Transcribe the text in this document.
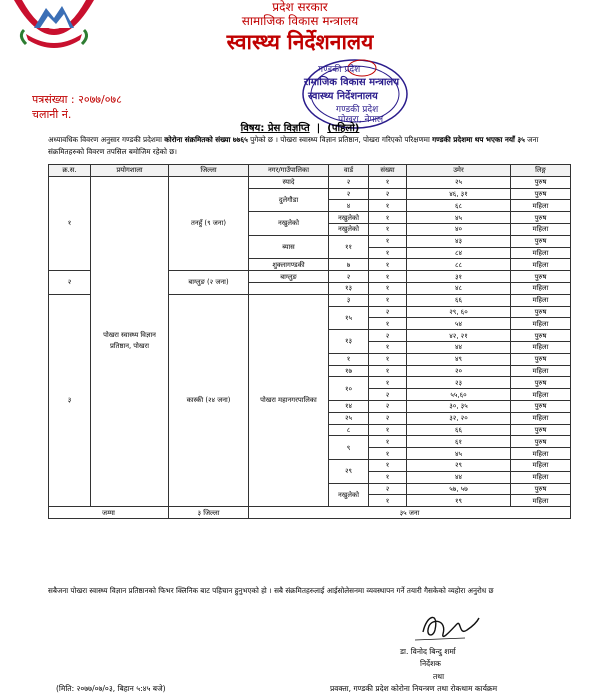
प्रदेश सरकार
सामाजिक विकास मन्त्रालय
स्वास्थ्य निर्देशनालय
गण्डकी प्रदेश
रामाजिक विकास मन्त्रालय
स्वास्थ्य निर्देशनालय
गण्डकी प्रदेश
पोखरा, नेपाल
पत्रसंख्या : २०७७/०७८
चलानी नं.
विषय: प्रेस विज्ञप्ति  |  (पहिलो)
अध्यावधिक विवरण अनुसार गण्डकी प्रदेशमा कोरोना संक्रमितको संख्या ७७६५ पुगेको छ । पोखरा स्वास्थ्य विज्ञान प्रतिष्ठान, पोखरा गरिएको परिक्षणमा गण्डकी प्रदेशमा थप भएका नयाँ ३५ जना संक्रमितहरुको विवरण तपसिल बमोजिम रहेको छ।
क्र.स.	प्रयोगशाला	जिल्ला	नगर/गाउँपालिका	वार्ड	संख्या	उमेर	लिङ्ग
१	पोखरा स्वास्थ्य विज्ञान प्रतिष्ठान, पोखरा	तनहुँ (९ जना)	स्यादे	२	१	२५	पुरुष
			दुलेगौडा	२	२	४६, ३१	पुरुष
				४	१	६८	महिला
			नखुलेको	नखुलेको	१	४५	पुरुष
				नखुलेको	१	४०	महिला
			ब्यास	११	१	४३	पुरुष
					१	८४	महिला
			शुक्लागण्डकी	७	१	८८	महिला
२		बाग्लुङ (२ जना)	बाग्लुङ	२	१	३१	पुरुष
				१३	१	४८	महिला
३		कास्की (२४ जना)	पोखरा महानगरपालिका	३	१	६६	महिला
				१५	२	२९, ६०	पुरुष
					१	५४	महिला
				१३	२	४२, २१	पुरुष
					१	४४	महिला
				१	१	४९	पुरुष
				१७	१	२०	महिला
				१०	१	२३	पुरुष
					२	५५,६०	महिला
				१४	२	३०, ३५	पुरुष
				२५	२	३२, २०	महिला
				८	१	६६	पुरुष
				९	१	६१	पुरुष
					१	४५	महिला
				२९	१	२९	महिला
					१	४४	महिला
				नखुलेको	२	५७, ५७	पुरुष
					१	१९	महिला
जम्मा		३ जिल्ला	३५ जना				
सबैजना पोखरा स्वास्थ्य विज्ञान प्रतिष्ठानको फिभर क्लिनिक बाट पहिचान हुनुभएको हो । सबै संक्रमितहरुलाई आईसोलेसनमा व्यवस्थापन गर्ने तयारी गैसकेको व्यहोरा अनुरोध छ
डा. विनोद बिन्दु शर्मा
निर्देशक
तथा
(मिति: २०७७/०७/०३, बिहान ५:४५ बजे)	प्रवक्ता, गण्डकी प्रदेश कोरोना नियन्त्रण तथा रोकथाम कार्यक्रम
